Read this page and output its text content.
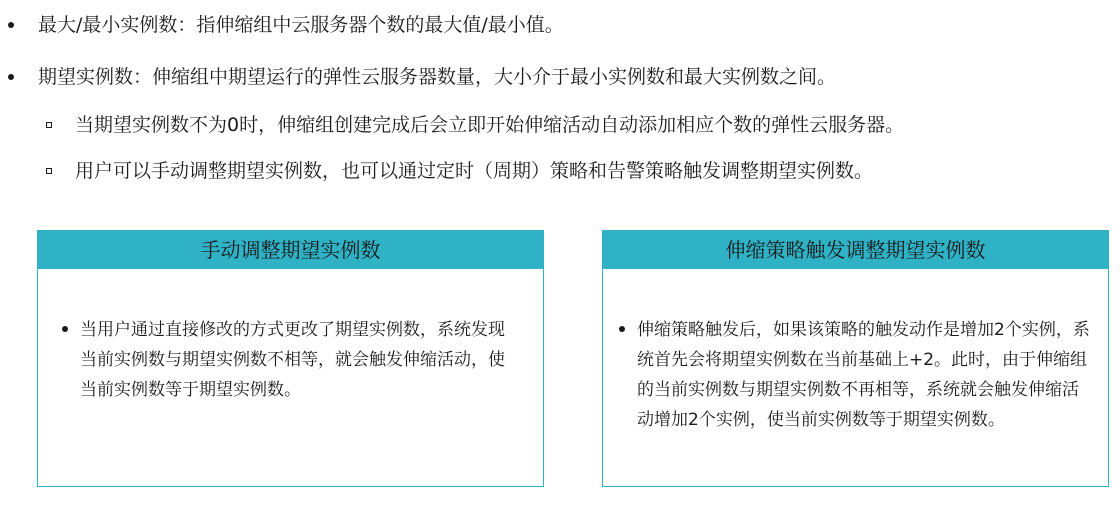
最大/最小实例数：指伸缩组中云服务器个数的最大值/最小值。
期望实例数：伸缩组中期望运行的弹性云服务器数量，大小介于最小实例数和最大实例数之间。
当期望实例数不为0时，伸缩组创建完成后会立即开始伸缩活动自动添加相应个数的弹性云服务器。
用户可以手动调整期望实例数，也可以通过定时（周期）策略和告警策略触发调整期望实例数。
手动调整期望实例数
当用户通过直接修改的方式更改了期望实例数，系统发现当前实例数与期望实例数不相等，就会触发伸缩活动，使当前实例数等于期望实例数。
伸缩策略触发调整期望实例数
伸缩策略触发后，如果该策略的触发动作是增加2个实例，系统首先会将期望实例数在当前基础上+2。此时，由于伸缩组的当前实例数与期望实例数不再相等，系统就会触发伸缩活动增加2个实例，使当前实例数等于期望实例数。
